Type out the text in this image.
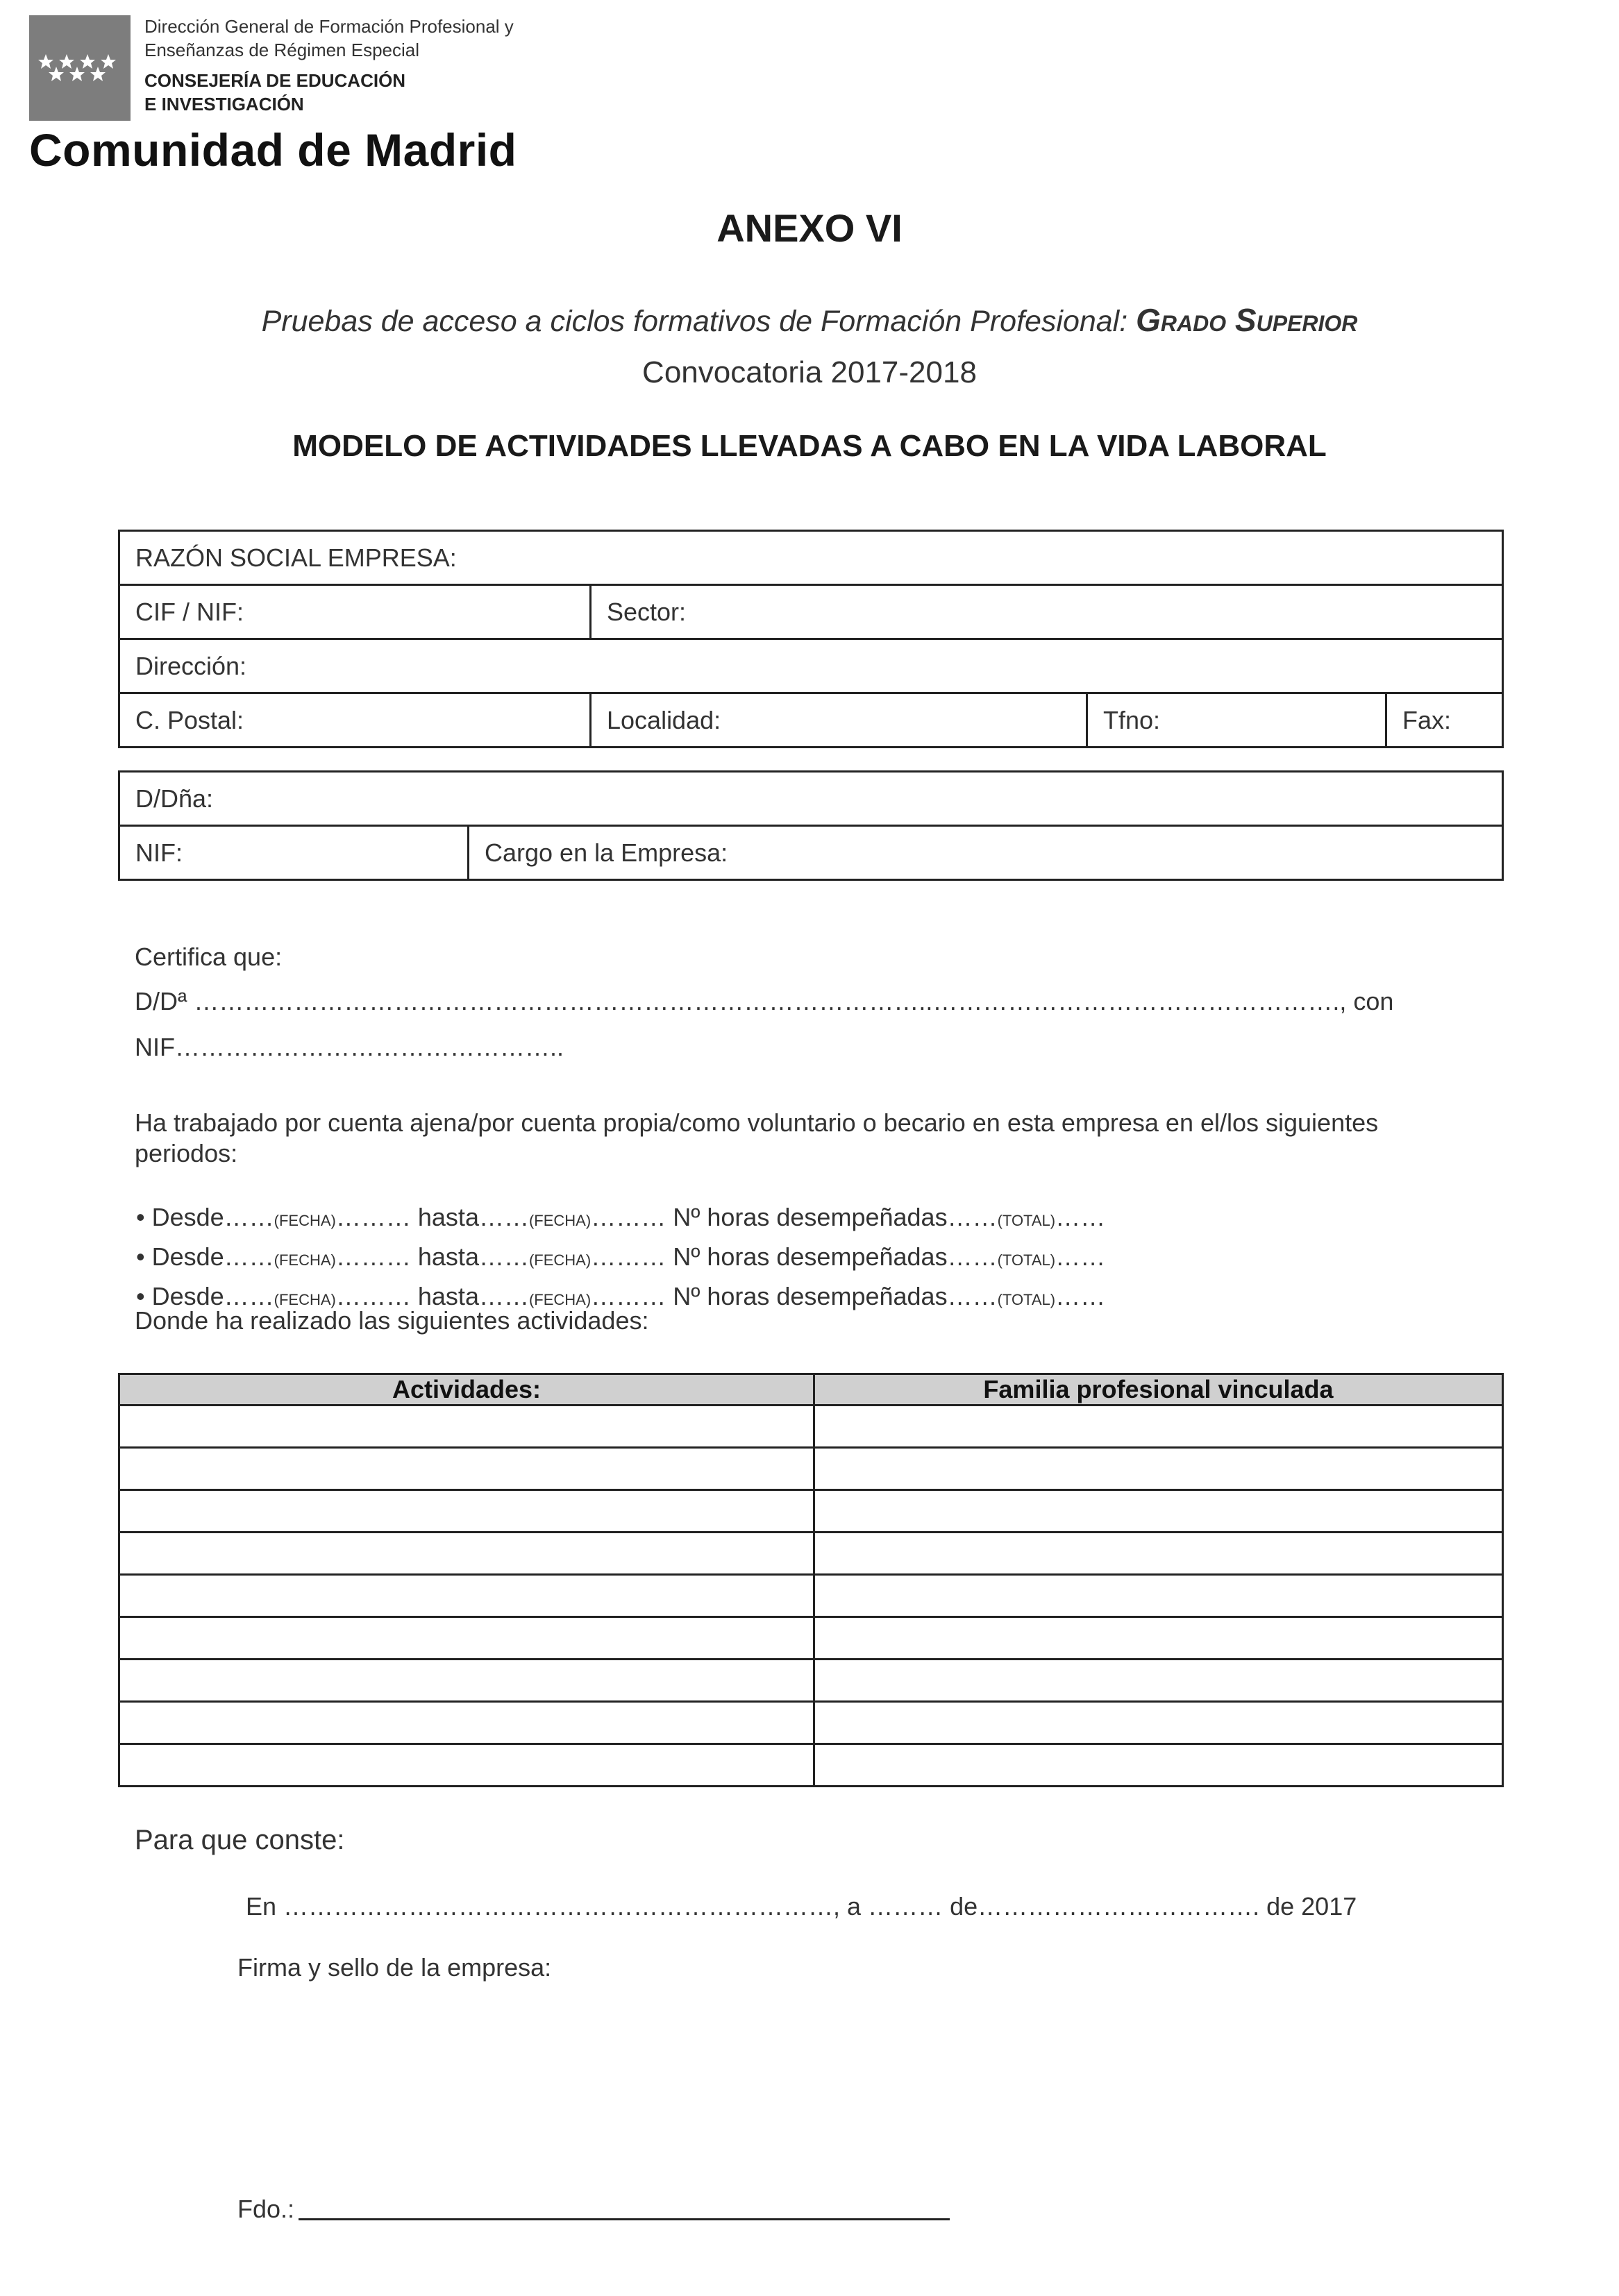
Dirección General de Formación Profesional y
Enseñanzas de Régimen Especial
CONSEJERÍA DE EDUCACIÓN
E INVESTIGACIÓN
Comunidad de Madrid
ANEXO VI
Pruebas de acceso a ciclos formativos de Formación Profesional: Grado Superior
Convocatoria 2017-2018
MODELO DE ACTIVIDADES LLEVADAS A CABO EN LA VIDA LABORAL
RAZÓN SOCIAL EMPRESA:			
CIF / NIF:	Sector:		
Dirección:			
C. Postal:	Localidad:	Tfno:	Fax:
D/Dña:
NIF:	Cargo en la Empresa:
Certifica que:
D/Dª ……………………………………………………………………………..…………………………………………., con
NIF………………………………………..
Ha trabajado por cuenta ajena/por cuenta propia/como voluntario o becario en esta empresa en el/los siguientes periodos:
• Desde……(FECHA)……… hasta……(FECHA)……… Nº horas desempeñadas……(TOTAL)……
• Desde……(FECHA)……… hasta……(FECHA)……… Nº horas desempeñadas……(TOTAL)……
• Desde……(FECHA)……… hasta……(FECHA)……… Nº horas desempeñadas……(TOTAL)……
Donde ha realizado las siguientes actividades:
Actividades:	Familia profesional vinculada

Para que conste:
En …………………………………………………………, a ……… de……………………………. de 2017
Firma y sello de la empresa:
Fdo.:
